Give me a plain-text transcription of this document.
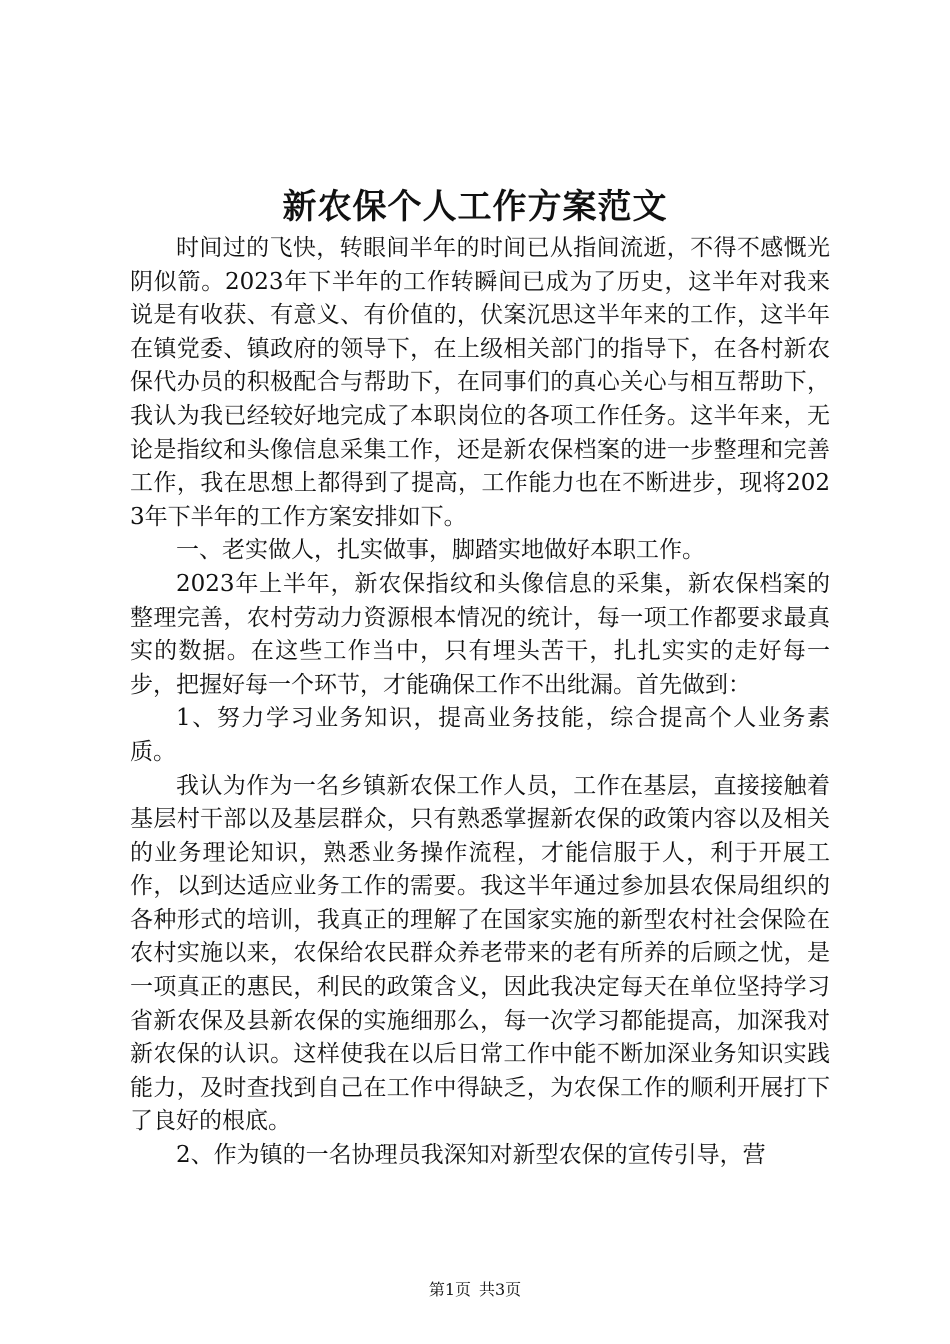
新农保个人工作方案范文

时间过的飞快，转眼间半年的时间已从指间流逝，不得不感慨光阴似箭。2023年下半年的工作转瞬间已成为了历史，这半年对我来说是有收获、有意义、有价值的，伏案沉思这半年来的工作，这半年在镇党委、镇政府的领导下，在上级相关部门的指导下，在各村新农保代办员的积极配合与帮助下，在同事们的真心关心与相互帮助下，我认为我已经较好地完成了本职岗位的各项工作任务。这半年来，无论是指纹和头像信息采集工作，还是新农保档案的进一步整理和完善工作，我在思想上都得到了提高，工作能力也在不断进步，现将2023年下半年的工作方案安排如下。

一、老实做人，扎实做事，脚踏实地做好本职工作。

2023年上半年，新农保指纹和头像信息的采集，新农保档案的整理完善，农村劳动力资源根本情况的统计，每一项工作都要求最真实的数据。在这些工作当中，只有埋头苦干，扎扎实实的走好每一步，把握好每一个环节，才能确保工作不出纰漏。首先做到：

1、努力学习业务知识，提高业务技能，综合提高个人业务素质。

我认为作为一名乡镇新农保工作人员，工作在基层，直接接触着基层村干部以及基层群众，只有熟悉掌握新农保的政策内容以及相关的业务理论知识，熟悉业务操作流程，才能信服于人，利于开展工作，以到达适应业务工作的需要。我这半年通过参加县农保局组织的各种形式的培训，我真正的理解了在国家实施的新型农村社会保险在农村实施以来，农保给农民群众养老带来的老有所养的后顾之忧，是一项真正的惠民，利民的政策含义，因此我决定每天在单位坚持学习省新农保及县新农保的实施细那么，每一次学习都能提高，加深我对新农保的认识。这样使我在以后日常工作中能不断加深业务知识实践能力，及时查找到自己在工作中得缺乏，为农保工作的顺利开展打下了良好的根底。

2、作为镇的一名协理员我深知对新型农保的宣传引导，营

第1页 共3页
